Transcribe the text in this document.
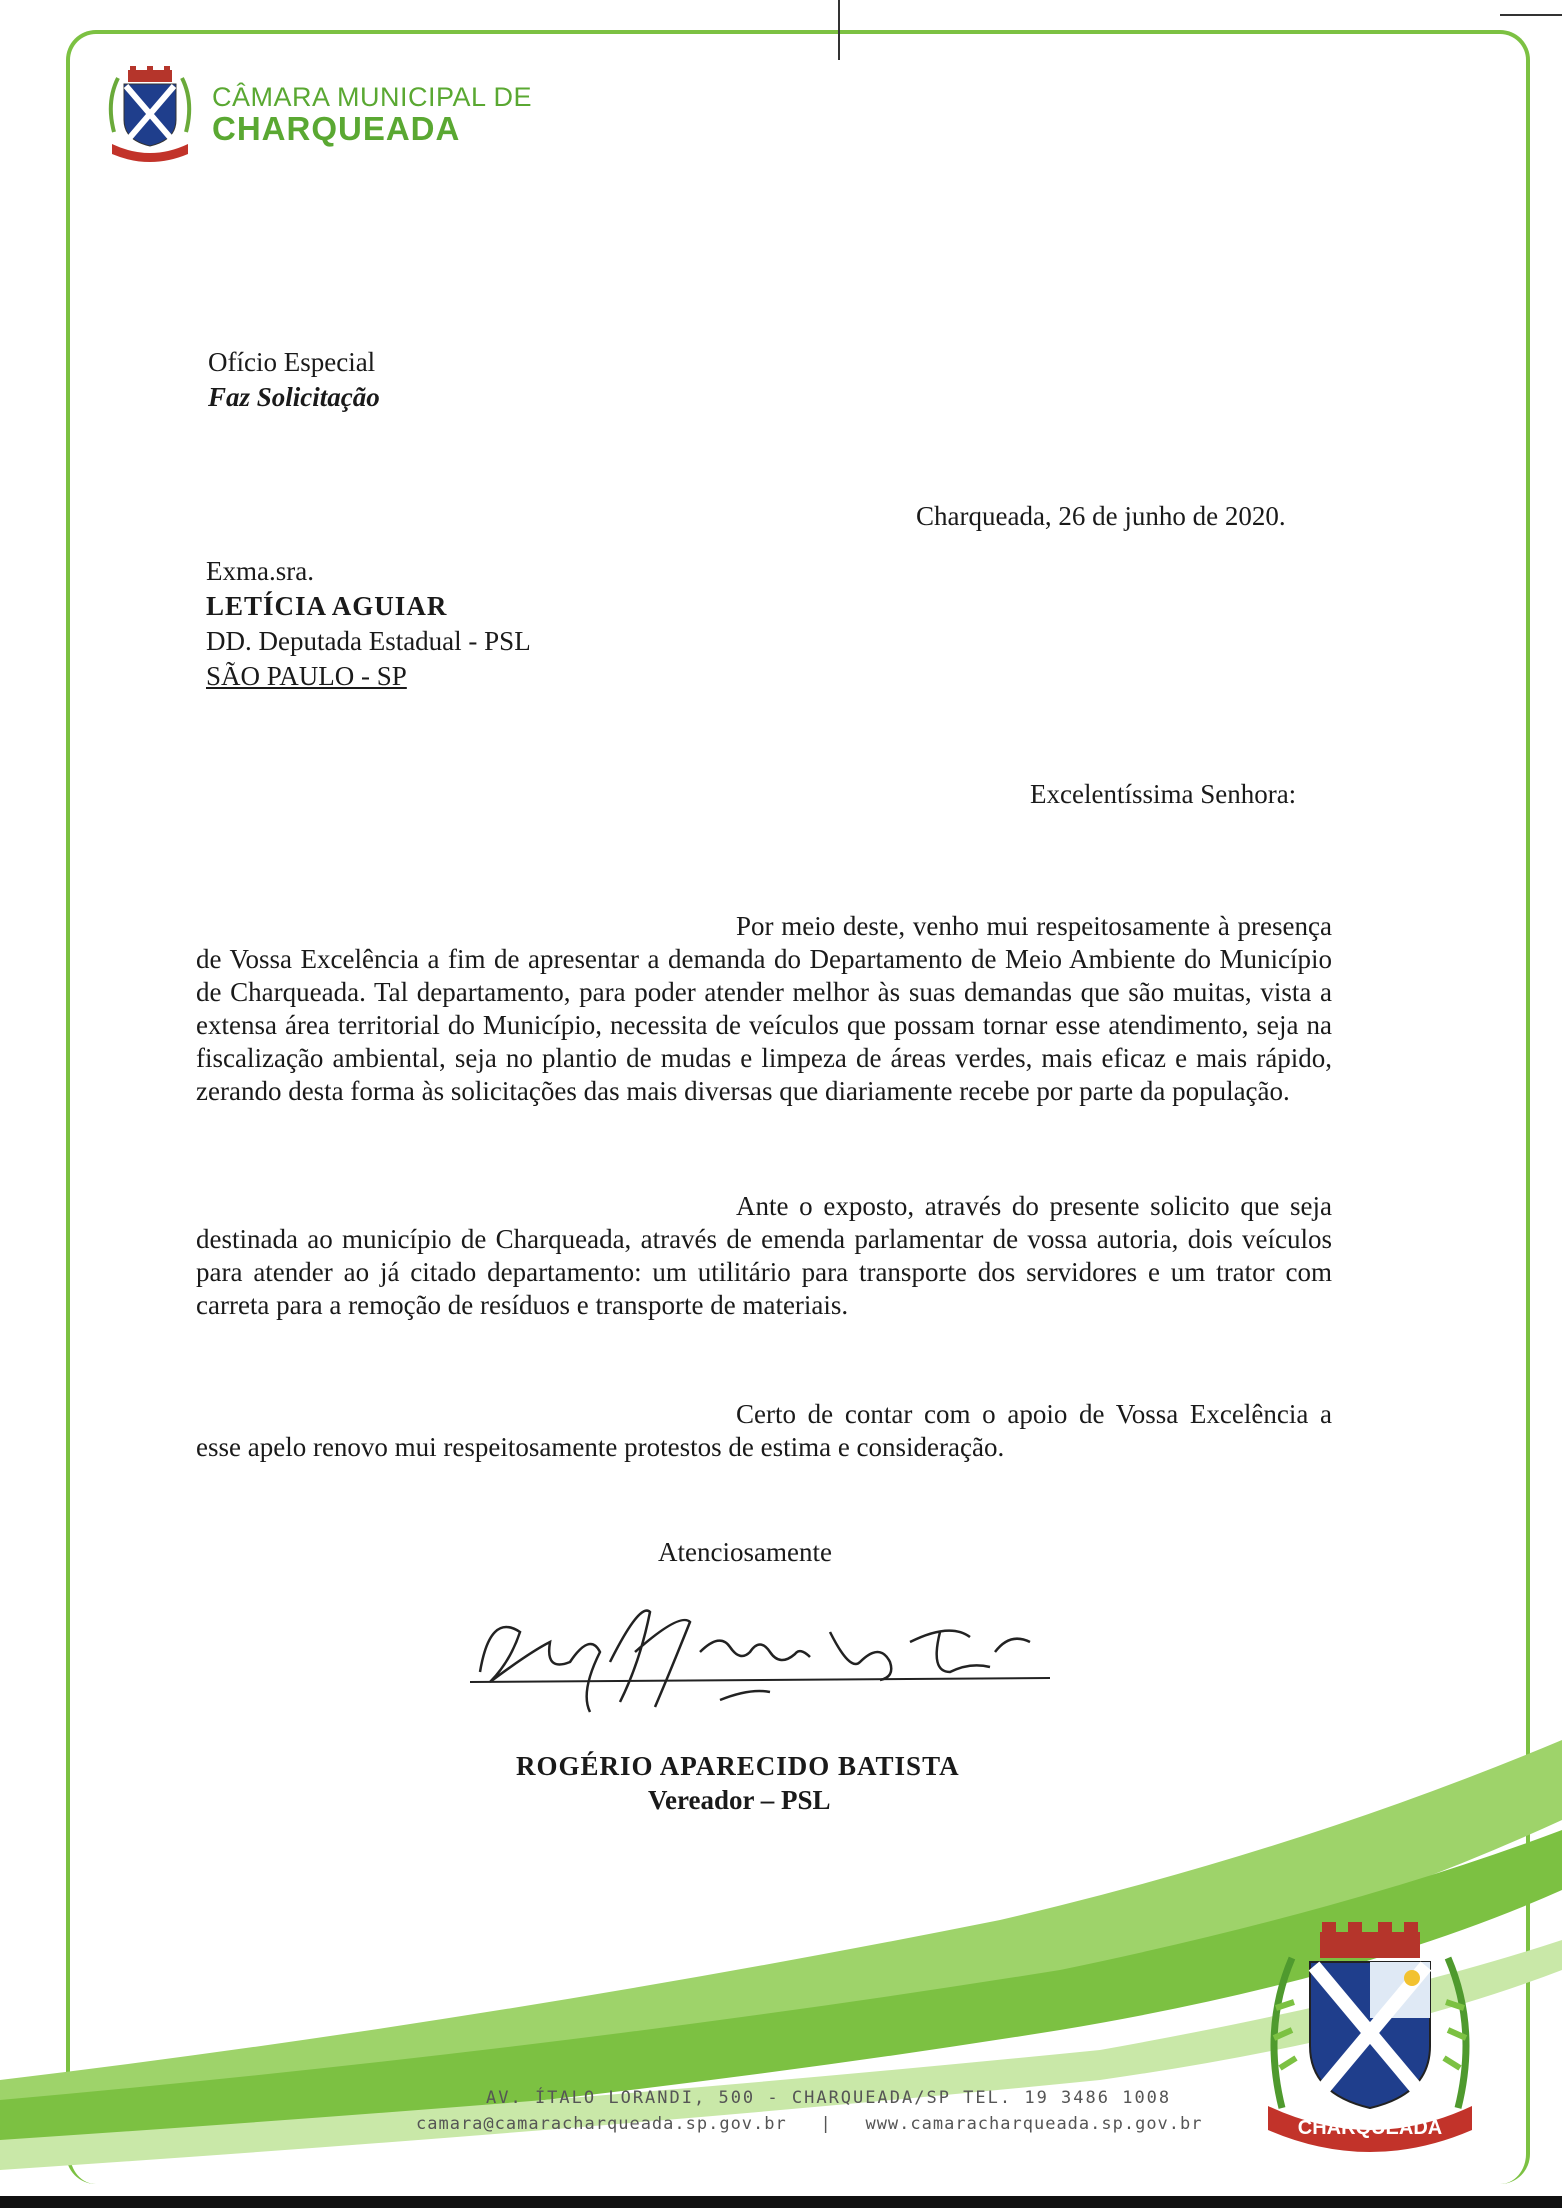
CÂMARA MUNICIPAL DE
CHARQUEADA
Ofício Especial
Faz Solicitação
Charqueada, 26 de junho de 2020.
Exma.sra.
LETÍCIA AGUIAR
DD. Deputada Estadual - PSL
SÃO PAULO - SP
Excelentíssima Senhora:
Por meio deste, venho mui respeitosamente à presença de Vossa Excelência a fim de apresentar a demanda do Departamento de Meio Ambiente do Município de Charqueada. Tal departamento, para poder atender melhor às suas demandas que são muitas, vista a extensa área territorial do Município, necessita de veículos que possam tornar esse atendimento, seja na fiscalização ambiental, seja no plantio de mudas e limpeza de áreas verdes, mais eficaz e mais rápido, zerando desta forma às solicitações das mais diversas que diariamente recebe por parte da população.
Ante o exposto, através do presente solicito que seja destinada ao município de Charqueada, através de emenda parlamentar de vossa autoria, dois veículos para atender ao já citado departamento: um utilitário para transporte dos servidores e um trator com carreta para a remoção de resíduos e transporte de materiais.
Certo de contar com o apoio de Vossa Excelência a esse apelo renovo mui respeitosamente protestos de estima e consideração.
Atenciosamente
ROGÉRIO APARECIDO BATISTA
Vereador – PSL
AV. ÍTALO LORANDI, 500 - CHARQUEADA/SP TEL. 19 3486 1008
camara@camaracharqueada.sp.gov.br | www.camaracharqueada.sp.gov.br	CHARQUEADA
